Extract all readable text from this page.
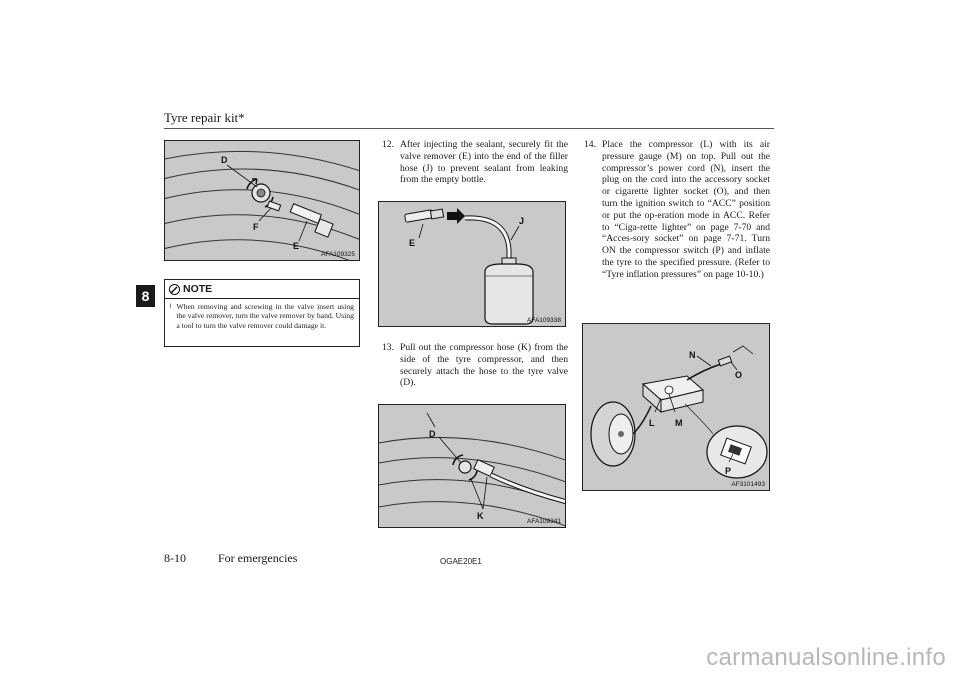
Tyre repair kit*
8
D
F
E
AFA109325
NOTE
l When removing and screwing in the valve insert using the valve remover, turn the valve remover by hand. Using a tool to turn the valve remover could damage it.
12. After injecting the sealant, securely fit the valve remover (E) into the end of the filler hose (J) to prevent sealant from leaking from the empty bottle.
E
J
AFA109338
13. Pull out the compressor hose (K) from the side of the tyre compressor, and then securely attach the hose to the tyre valve (D).
D
K
AFA109341
14. Place the compressor (L) with its air pressure gauge (M) on top. Pull out the compressor’s power cord (N), insert the plug on the cord into the accessory socket or cigarette lighter socket (O), and then turn the ignition switch to “ACC” position or put the op-eration mode in ACC. Refer to “Ciga-rette lighter” on page 7-70 and “Acces-sory socket” on page 7-71. Turn ON the compressor switch (P) and inflate the tyre to the specified pressure. (Refer to “Tyre inflation pressures” on page 10-10.)
N
O
L M
P
AF3101493
8-10	For emergencies	OGAE20E1
carmanualsonline.info
